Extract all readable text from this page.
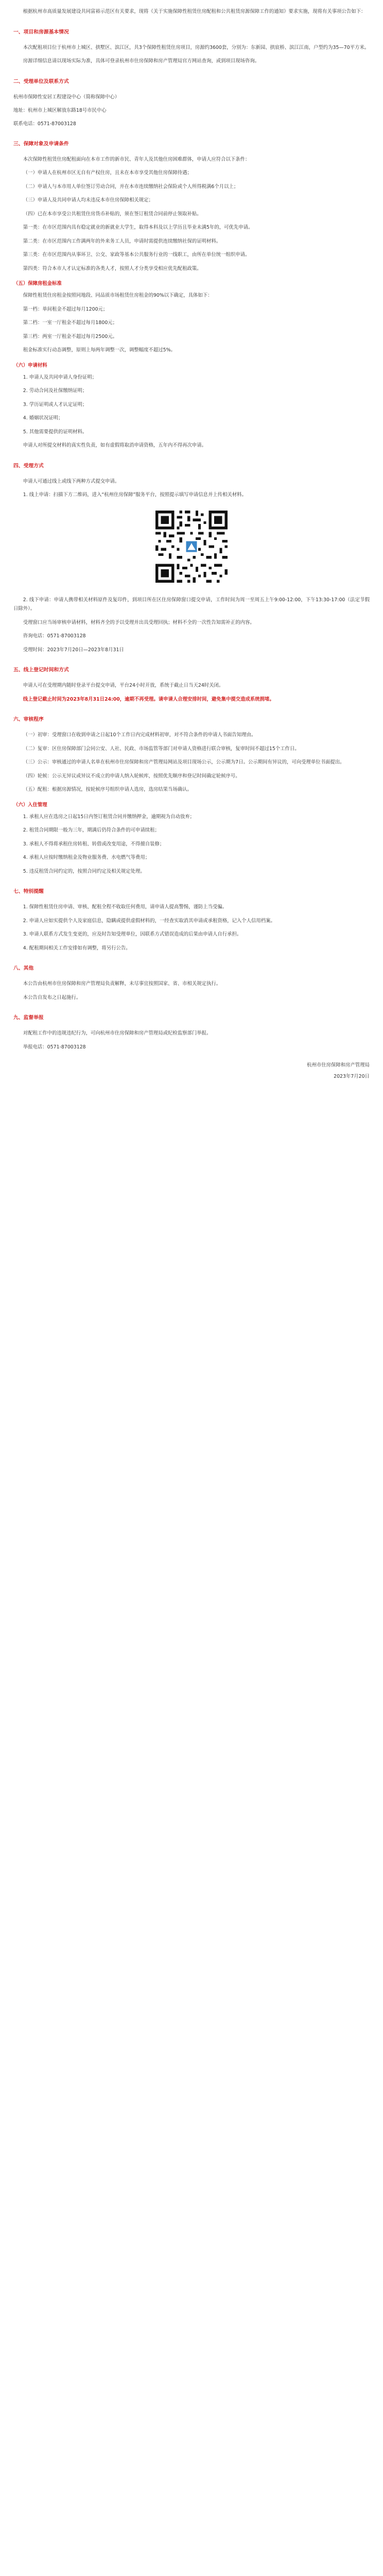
根据杭州市高质量发展建设共同富裕示范区有关要求，现将《关于实施保障性租赁住房配租和公共租赁房源保障工作的通知》要求实施，现将有关事项公告如下：

一、项目和房源基本情况

本次配租项目位于杭州市上城区、拱墅区、滨江区，共3个保障性租赁住房项目，房源约3600套，分别为：东新园、拱宸桥、滨江江南，户型约为35—70平方米。

房源详细信息请以现场实际为准，具体可登录杭州市住房保障和房产管理局官方网站查询，或到项目现场咨询。

二、受理单位及联系方式

杭州市保障性安居工程建设中心（简称保障中心）

地址：杭州市上城区解放东路18号市民中心

联系电话：0571-87003128

三、保障对象及申请条件

本次保障性租赁住房配租面向在本市工作的新市民、青年人及其他住房困难群体，申请人应符合以下条件：

（一）申请人在杭州市区无自有产权住房，且未在本市享受其他住房保障待遇；

（二）申请人与本市用人单位签订劳动合同，并在本市连续缴纳社会保险或个人所得税满6个月以上；

（三）申请人及共同申请人均未违反本市住房保障相关规定；

（四）已在本市享受公共租赁住房货币补贴的，须在签订租赁合同前停止领取补贴。

第一类：在市区范围内具有稳定就业的新就业大学生，取得本科及以上学历且毕业未满5年的，可优先申请。

第二类：在市区范围内工作满两年的外来务工人员，申请时需提供连续缴纳社保的证明材料。

第三类：在市区范围内从事环卫、公交、家政等基本公共服务行业的一线职工，由所在单位统一组织申请。

第四类：符合本市人才认定标准的各类人才，按照人才分类享受相应优先配租政策。

（五）保障房租金标准

保障性租赁住房租金按照同地段、同品质市场租赁住房租金的90%以下确定，具体如下：

第一档：单间租金不超过每月1200元；

第二档：一室一厅租金不超过每月1800元；

第三档：两室一厅租金不超过每月2500元。

租金标准实行动态调整，原则上每两年调整一次，调整幅度不超过5%。

（六）申请材料

1. 申请人及共同申请人身份证明；

2. 劳动合同及社保缴纳证明；

3. 学历证明或人才认定证明；

4. 婚姻状况证明；

5. 其他需要提供的证明材料。

申请人对所提交材料的真实性负责，如有虚假将取消申请资格，五年内不得再次申请。

四、受理方式

申请人可通过线上或线下两种方式提交申请。

1. 线上申请：扫描下方二维码，进入“杭州住房保障”服务平台，按照提示填写申请信息并上传相关材料。

2. 线下申请：申请人携带相关材料原件及复印件，到项目所在区住房保障窗口提交申请，工作时间为周一至周五上午9:00-12:00，下午13:30-17:00（法定节假日除外）。

受理窗口应当场审核申请材料，材料齐全的予以受理并出具受理回执；材料不全的一次性告知需补正的内容。

咨询电话：0571-87003128

受理时间：2023年7月20日—2023年8月31日

五、线上登记时间和方式

申请人可在受理期内随时登录平台提交申请，平台24小时开放，系统于截止日当天24时关闭。

线上登记截止时间为2023年8月31日24:00，逾期不再受理。请申请人合理安排时间，避免集中提交造成系统拥堵。

六、审核程序

（一）初审：受理窗口在收到申请之日起10个工作日内完成材料初审，对不符合条件的申请人书面告知理由。

（二）复审：区住房保障部门会同公安、人社、民政、市场监管等部门对申请人资格进行联合审核，复审时间不超过15个工作日。

（三）公示：审核通过的申请人名单在杭州市住房保障和房产管理局网站及项目现场公示，公示期为7日。公示期间有异议的，可向受理单位书面提出。

（四）轮候：公示无异议或异议不成立的申请人纳入轮候库，按照优先顺序和登记时间确定轮候序号。

（五）配租：根据房源情况，按轮候序号组织申请人选房，选房结果当场确认。

（六）入住管理

1. 承租人应在选房之日起15日内签订租赁合同并缴纳押金，逾期视为自动放弃；

2. 租赁合同期限一般为三年，期满后仍符合条件的可申请续租；

3. 承租人不得将承租住房转租、转借或改变用途，不得擅自装修；

4. 承租人应按时缴纳租金及物业服务费、水电燃气等费用；

5. 违反租赁合同约定的，按照合同约定及相关规定处理。

七、特别提醒

1. 保障性租赁住房申请、审核、配租全程不收取任何费用，请申请人提高警惕，谨防上当受骗。

2. 申请人应如实提供个人及家庭信息，隐瞒或提供虚假材料的，一经查实取消其申请或承租资格，记入个人信用档案。

3. 申请人联系方式发生变更的，应及时告知受理单位，因联系方式错误造成的后果由申请人自行承担。

4. 配租期间相关工作安排如有调整，将另行公告。

八、其他

本公告由杭州市住房保障和房产管理局负责解释，未尽事宜按照国家、省、市相关规定执行。

本公告自发布之日起施行。

九、监督举报

对配租工作中的违规违纪行为，可向杭州市住房保障和房产管理局或纪检监察部门举报。

举报电话：0571-87003128

杭州市住房保障和房产管理局

2023年7月20日
